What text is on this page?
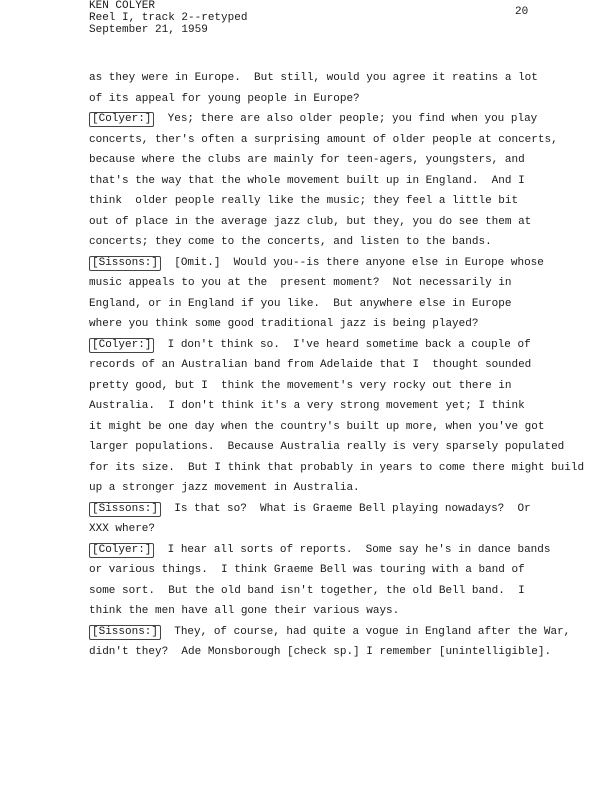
KEN COLYER
Reel I, track 2--retyped
September 21, 1959
20
as they were in Europe.  But still, would you agree it reatins a lot
of its appeal for young people in Europe?
[Colyer:]  Yes; there are also older people; you find when you play
concerts, ther's often a surprising amount of older people at concerts,
because where the clubs are mainly for teen-agers, youngsters, and
that's the way that the whole movement built up in England.  And I
think  older people really like the music; they feel a little bit
out of place in the average jazz club, but they, you do see them at
concerts; they come to the concerts, and listen to the bands.
[Sissons:]  [Omit.]  Would you--is there anyone else in Europe whose
music appeals to you at the  present moment?  Not necessarily in
England, or in England if you like.  But anywhere else in Europe
where you think some good traditional jazz is being played?
[Colyer:]  I don't think so.  I've heard sometime back a couple of
records of an Australian band from Adelaide that I  thought sounded
pretty good, but I  think the movement's very rocky out there in
Australia.  I don't think it's a very strong movement yet; I think
it might be one day when the country's built up more, when you've got
larger populations.  Because Australia really is very sparsely populated
for its size.  But I think that probably in years to come there might build
up a stronger jazz movement in Australia.
[Sissons:]  Is that so?  What is Graeme Bell playing nowadays?  Or
XXX where?
[Colyer:]  I hear all sorts of reports.  Some say he's in dance bands
or various things.  I think Graeme Bell was touring with a band of
some sort.  But the old band isn't together, the old Bell band.  I
think the men have all gone their various ways.
[Sissons:]  They, of course, had quite a vogue in England after the War,
didn't they?  Ade Monsborough [check sp.] I remember [unintelligible].
